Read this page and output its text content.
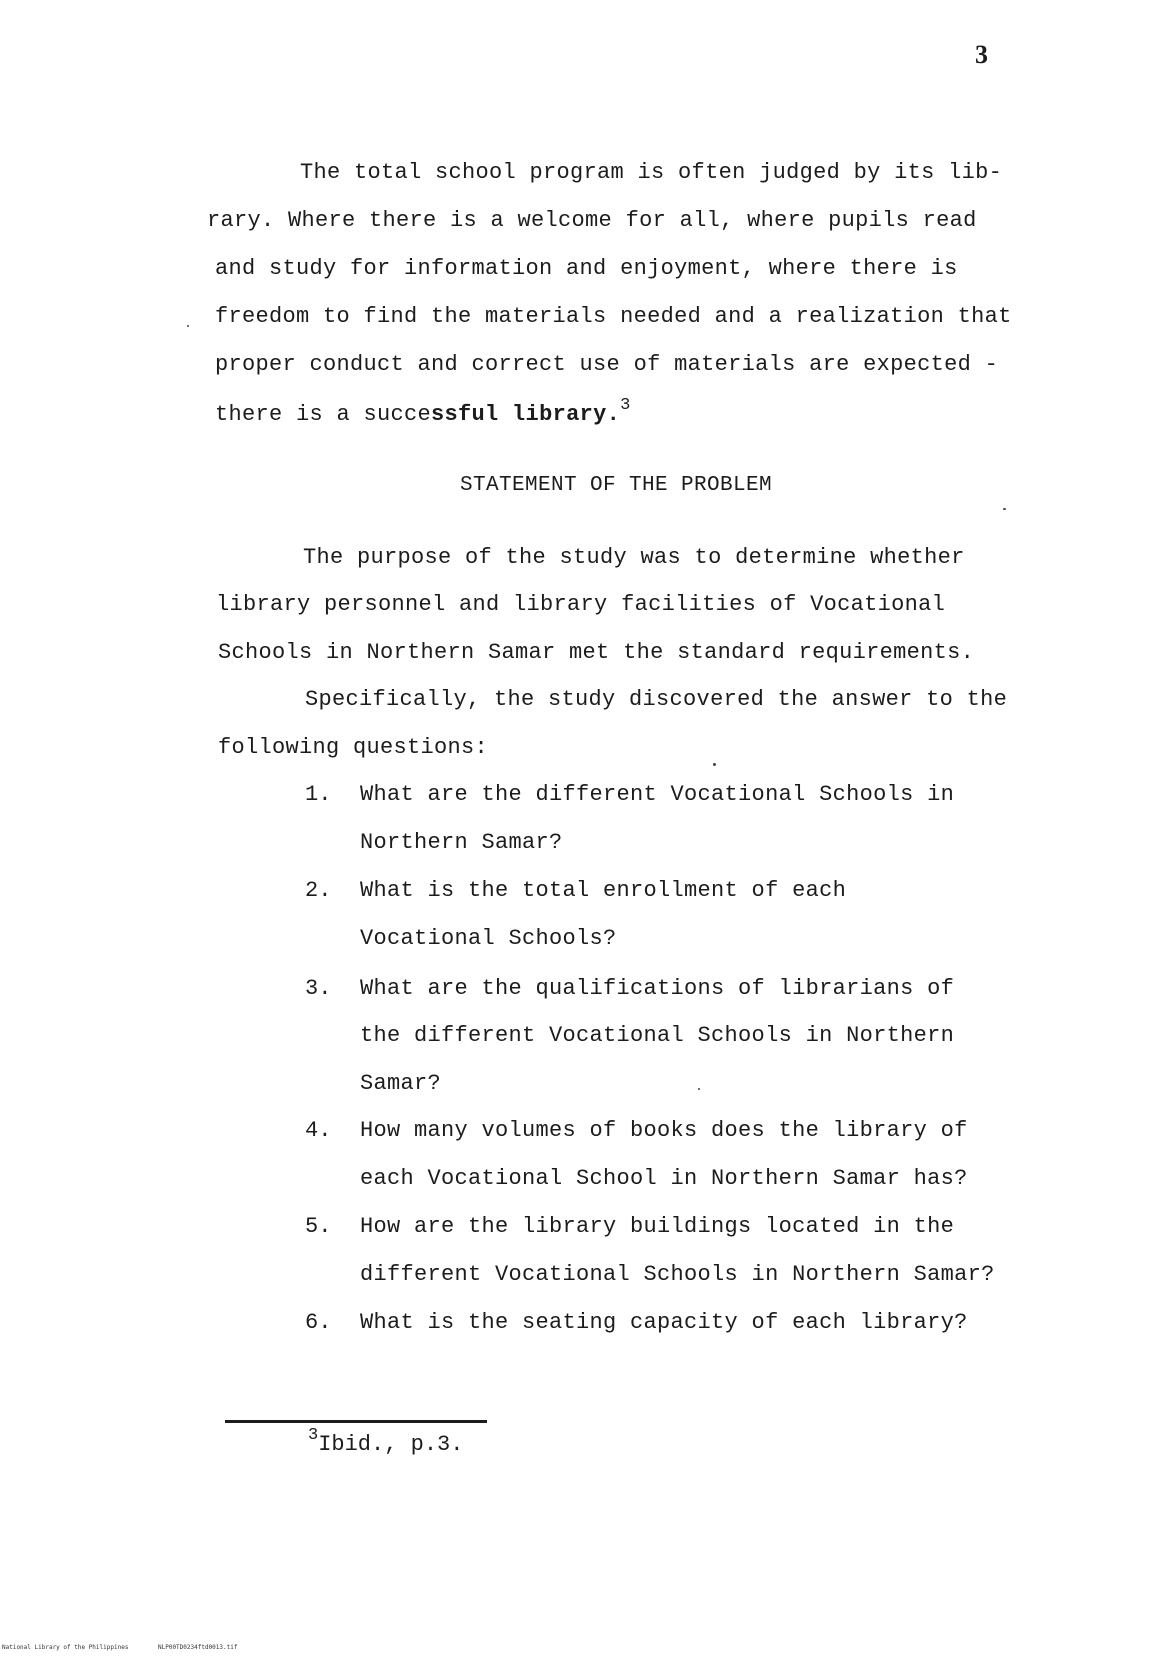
3
The total school program is often judged by its lib-
rary. Where there is a welcome for all, where pupils read
and study for information and enjoyment, where there is
freedom to find the materials needed and a realization that
proper conduct and correct use of materials are expected -
there is a successful library.$^3$
STATEMENT OF THE PROBLEM
The purpose of the study was to determine whether
library personnel and library facilities of Vocational
Schools in Northern Samar met the standard requirements.
Specifically, the study discovered the answer to the
following questions:
1. What are the different Vocational Schools in
Northern Samar?
2. What is the total enrollment of each
Vocational Schools?
3. What are the qualifications of librarians of
the different Vocational Schools in Northern
Samar?
4. How many volumes of books does the library of
each Vocational School in Northern Samar has?
5. How are the library buildings located in the
different Vocational Schools in Northern Samar?
6. What is the seating capacity of each library?
$^3$Ibid., p.3.
National Library of the Philippines	NLP00TD0234ftd0013.tif
